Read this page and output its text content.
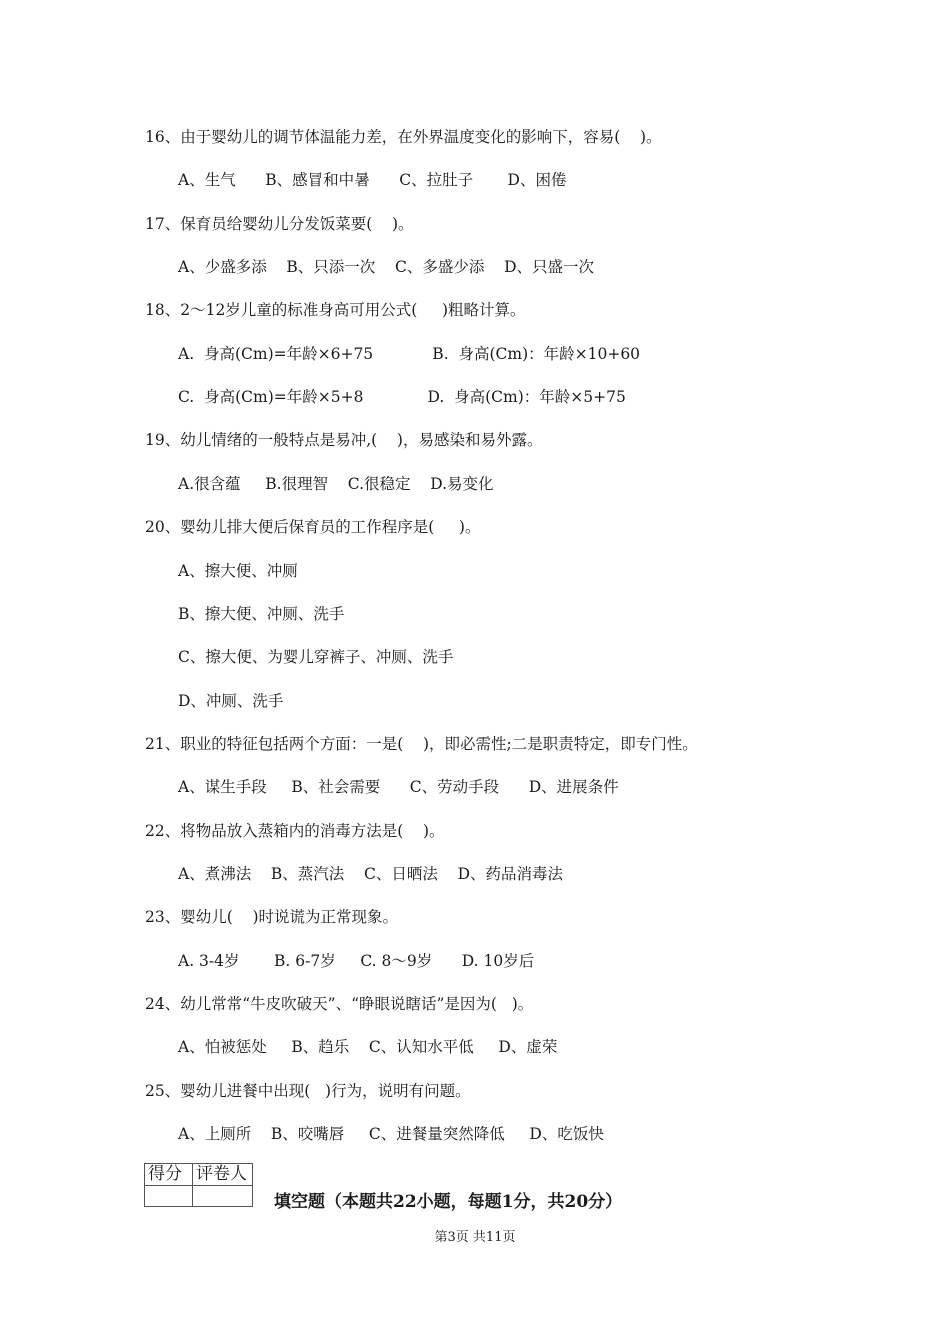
16、由于婴幼儿的调节体温能力差，在外界温度变化的影响下，容易(    )。
A、生气      B、感冒和中暑      C、拉肚子       D、困倦
17、保育员给婴幼儿分发饭菜要(    )。
A、少盛多添    B、只添一次    C、多盛少添    D、只盛一次
18、2～12岁儿童的标准身高可用公式(     )粗略计算。
A.  身高(Cm)=年龄×6+75            B.  身高(Cm)：年龄×10+60
C.  身高(Cm)=年龄×5+8             D.  身高(Cm)：年龄×5+75
19、幼儿情绪的一般特点是易冲,(    )，易感染和易外露。
A.很含蕴     B.很理智    C.很稳定    D.易变化
20、婴幼儿排大便后保育员的工作程序是(     )。
A、擦大便、冲厕
B、擦大便、冲厕、洗手
C、擦大便、为婴儿穿裤子、冲厕、洗手
D、冲厕、洗手
21、职业的特征包括两个方面：一是(    )，即必需性;二是职责特定，即专门性。
A、谋生手段     B、社会需要      C、劳动手段      D、进展条件
22、将物品放入蒸箱内的消毒方法是(    )。
A、煮沸法    B、蒸汽法    C、日晒法    D、药品消毒法
23、婴幼儿(    )时说谎为正常现象。
A. 3-4岁       B. 6-7岁     C. 8～9岁      D. 10岁后
24、幼儿常常“牛皮吹破天”、“睁眼说瞎话”是因为(   )。
A、怕被惩处     B、趋乐    C、认知水平低     D、虚荣
25、婴幼儿进餐中出现(   )行为，说明有问题。
A、上厕所    B、咬嘴唇     C、进餐量突然降低     D、吃饭快
得分	评卷人

填空题（本题共22小题，每题1分，共20分）
第3页 共11页
